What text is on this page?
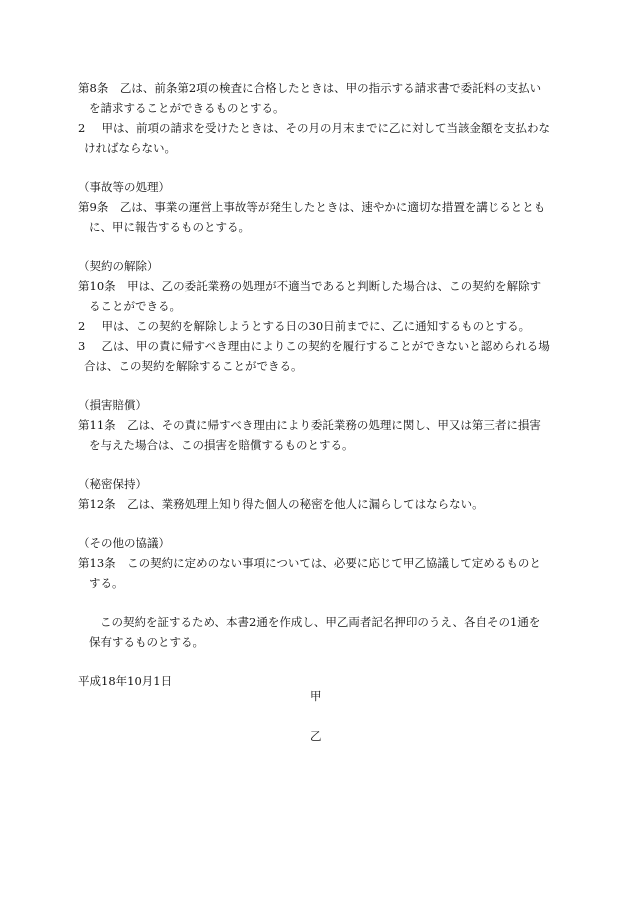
第8条　乙は、前条第2項の検査に合格したときは、甲の指示する請求書で委託料の支払い
を請求することができるものとする。
2　 甲は、前項の請求を受けたときは、その月の月末までに乙に対して当該金額を支払わな
ければならない。
（事故等の処理）
第9条　乙は、事業の運営上事故等が発生したときは、速やかに適切な措置を講じるととも
に、甲に報告するものとする。
（契約の解除）
第10条　甲は、乙の委託業務の処理が不適当であると判断した場合は、この契約を解除す
ることができる。
2　 甲は、この契約を解除しようとする日の30日前までに、乙に通知するものとする。
3　 乙は、甲の責に帰すべき理由によりこの契約を履行することができないと認められる場
合は、この契約を解除することができる。
（損害賠償）
第11条　乙は、その責に帰すべき理由により委託業務の処理に関し、甲又は第三者に損害
を与えた場合は、この損害を賠償するものとする。
（秘密保持）
第12条　乙は、業務処理上知り得た個人の秘密を他人に漏らしてはならない。
（その他の協議）
第13条　この契約に定めのない事項については、必要に応じて甲乙協議して定めるものと
する。
この契約を証するため、本書2通を作成し、甲乙両者記名押印のうえ、各自その1通を
保有するものとする。
平成18年10月1日
甲
乙
